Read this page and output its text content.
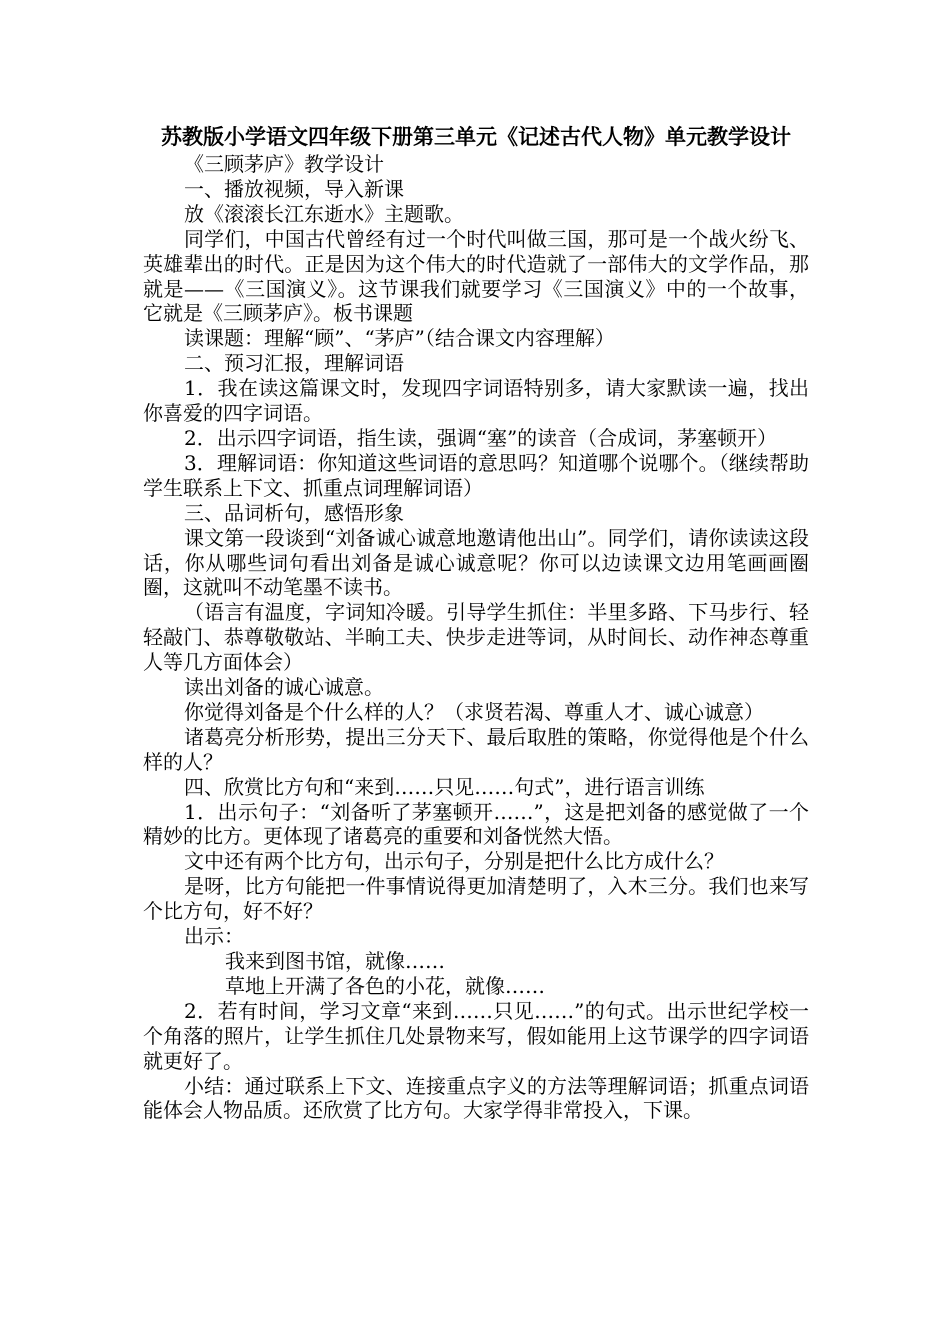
苏教版小学语文四年级下册第三单元《记述古代人物》单元教学设计

《三顾茅庐》教学设计

一、播放视频，导入新课

放《滚滚长江东逝水》主题歌。

同学们，中国古代曾经有过一个时代叫做三国，那可是一个战火纷飞、英雄辈出的时代。正是因为这个伟大的时代造就了一部伟大的文学作品，那就是——《三国演义》。这节课我们就要学习《三国演义》中的一个故事，它就是《三顾茅庐》。板书课题

读课题：理解“顾”、“茅庐”（结合课文内容理解）

二、预习汇报，理解词语

1．我在读这篇课文时，发现四字词语特别多，请大家默读一遍，找出你喜爱的四字词语。

2．出示四字词语，指生读，强调“塞”的读音（合成词，茅塞顿开）

3．理解词语：你知道这些词语的意思吗？知道哪个说哪个。（继续帮助学生联系上下文、抓重点词理解词语）

三、品词析句，感悟形象

课文第一段谈到“刘备诚心诚意地邀请他出山”。同学们，请你读读这段话，你从哪些词句看出刘备是诚心诚意呢？你可以边读课文边用笔画画圈圈，这就叫不动笔墨不读书。

（语言有温度，字词知冷暖。引导学生抓住：半里多路、下马步行、轻轻敲门、恭尊敬敬站、半晌工夫、快步走进等词，从时间长、动作神态尊重人等几方面体会）

读出刘备的诚心诚意。

你觉得刘备是个什么样的人？（求贤若渴、尊重人才、诚心诚意）

诸葛亮分析形势，提出三分天下、最后取胜的策略，你觉得他是个什么样的人？

四、欣赏比方句和“来到……只见……句式”，进行语言训练

1．出示句子：“刘备听了茅塞顿开……”，这是把刘备的感觉做了一个精妙的比方。更体现了诸葛亮的重要和刘备恍然大悟。

文中还有两个比方句，出示句子，分别是把什么比方成什么？

是呀，比方句能把一件事情说得更加清楚明了，入木三分。我们也来写个比方句，好不好？

出示：

我来到图书馆，就像……

草地上开满了各色的小花，就像……

2．若有时间，学习文章“来到……只见……”的句式。出示世纪学校一个角落的照片，让学生抓住几处景物来写，假如能用上这节课学的四字词语就更好了。

小结：通过联系上下文、连接重点字义的方法等理解词语；抓重点词语能体会人物品质。还欣赏了比方句。大家学得非常投入，下课。
